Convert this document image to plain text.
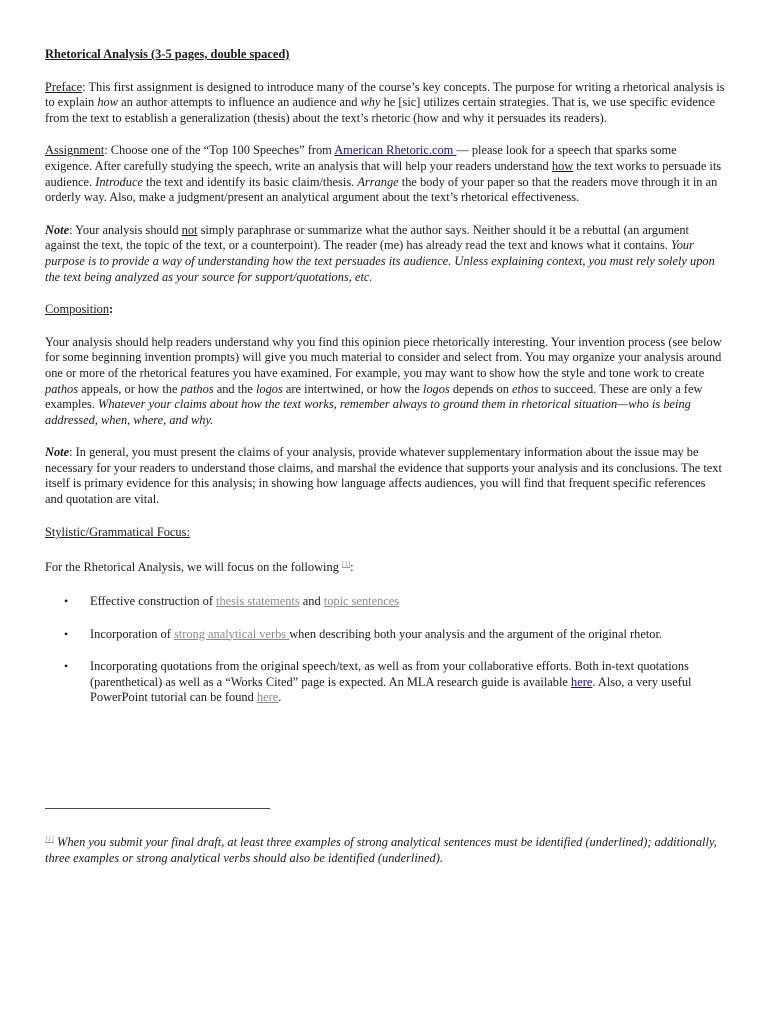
Rhetorical Analysis (3-5 pages, double spaced)

Preface: This first assignment is designed to introduce many of the course’s key concepts. The purpose for writing a rhetorical analysis is to explain how an author attempts to influence an audience and why he [sic] utilizes certain strategies. That is, we use specific evidence from the text to establish a generalization (thesis) about the text’s rhetoric (how and why it persuades its readers).

Assignment: Choose one of the “Top 100 Speeches” from American Rhetoric.com — please look for a speech that sparks some exigence. After carefully studying the speech, write an analysis that will help your readers understand how the text works to persuade its audience. Introduce the text and identify its basic claim/thesis. Arrange the body of your paper so that the readers move through it in an orderly way. Also, make a judgment/present an analytical argument about the text’s rhetorical effectiveness.

Note: Your analysis should not simply paraphrase or summarize what the author says. Neither should it be a rebuttal (an argument against the text, the topic of the text, or a counterpoint). The reader (me) has already read the text and knows what it contains. Your purpose is to provide a way of understanding how the text persuades its audience. Unless explaining context, you must rely solely upon the text being analyzed as your source for support/quotations, etc.

Composition:

Your analysis should help readers understand why you find this opinion piece rhetorically interesting. Your invention process (see below for some beginning invention prompts) will give you much material to consider and select from. You may organize your analysis around one or more of the rhetorical features you have examined. For example, you may want to show how the style and tone work to create pathos appeals, or how the pathos and the logos are intertwined, or how the logos depends on ethos to succeed. These are only a few examples. Whatever your claims about how the text works, remember always to ground them in rhetorical situation—who is being addressed, when, where, and why.

Note: In general, you must present the claims of your analysis, provide whatever supplementary information about the issue may be necessary for your readers to understand those claims, and marshal the evidence that supports your analysis and its conclusions. The text itself is primary evidence for this analysis; in showing how language affects audiences, you will find that frequent specific references and quotation are vital.

Stylistic/Grammatical Focus:

For the Rhetorical Analysis, we will focus on the following [1]:

• Effective construction of thesis statements and topic sentences
• Incorporation of strong analytical verbs when describing both your analysis and the argument of the original rhetor.
• Incorporating quotations from the original speech/text, as well as from your collaborative efforts. Both in-text quotations (parenthetical) as well as a “Works Cited” page is expected. An MLA research guide is available here. Also, a very useful PowerPoint tutorial can be found here.

[1] When you submit your final draft, at least three examples of strong analytical sentences must be identified (underlined); additionally, three examples or strong analytical verbs should also be identified (underlined).
